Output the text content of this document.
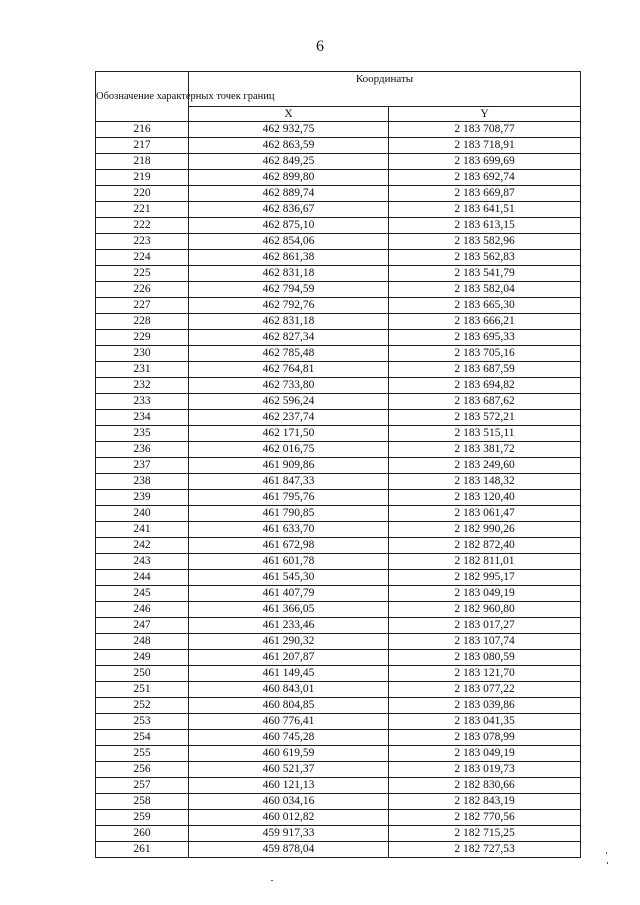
6
Обозначение характерных точек границ	Координаты	
	X	Y
216	462 932,75	2 183 708,77
217	462 863,59	2 183 718,91
218	462 849,25	2 183 699,69
219	462 899,80	2 183 692,74
220	462 889,74	2 183 669,87
221	462 836,67	2 183 641,51
222	462 875,10	2 183 613,15
223	462 854,06	2 183 582,96
224	462 861,38	2 183 562,83
225	462 831,18	2 183 541,79
226	462 794,59	2 183 582,04
227	462 792,76	2 183 665,30
228	462 831,18	2 183 666,21
229	462 827,34	2 183 695,33
230	462 785,48	2 183 705,16
231	462 764,81	2 183 687,59
232	462 733,80	2 183 694,82
233	462 596,24	2 183 687,62
234	462 237,74	2 183 572,21
235	462 171,50	2 183 515,11
236	462 016,75	2 183 381,72
237	461 909,86	2 183 249,60
238	461 847,33	2 183 148,32
239	461 795,76	2 183 120,40
240	461 790,85	2 183 061,47
241	461 633,70	2 182 990,26
242	461 672,98	2 182 872,40
243	461 601,78	2 182 811,01
244	461 545,30	2 182 995,17
245	461 407,79	2 183 049,19
246	461 366,05	2 182 960,80
247	461 233,46	2 183 017,27
248	461 290,32	2 183 107,74
249	461 207,87	2 183 080,59
250	461 149,45	2 183 121,70
251	460 843,01	2 183 077,22
252	460 804,85	2 183 039,86
253	460 776,41	2 183 041,35
254	460 745,28	2 183 078,99
255	460 619,59	2 183 049,19
256	460 521,37	2 183 019,73
257	460 121,13	2 182 830,66
258	460 034,16	2 182 843,19
259	460 012,82	2 182 770,56
260	459 917,33	2 182 715,25
261	459 878,04	2 182 727,53
